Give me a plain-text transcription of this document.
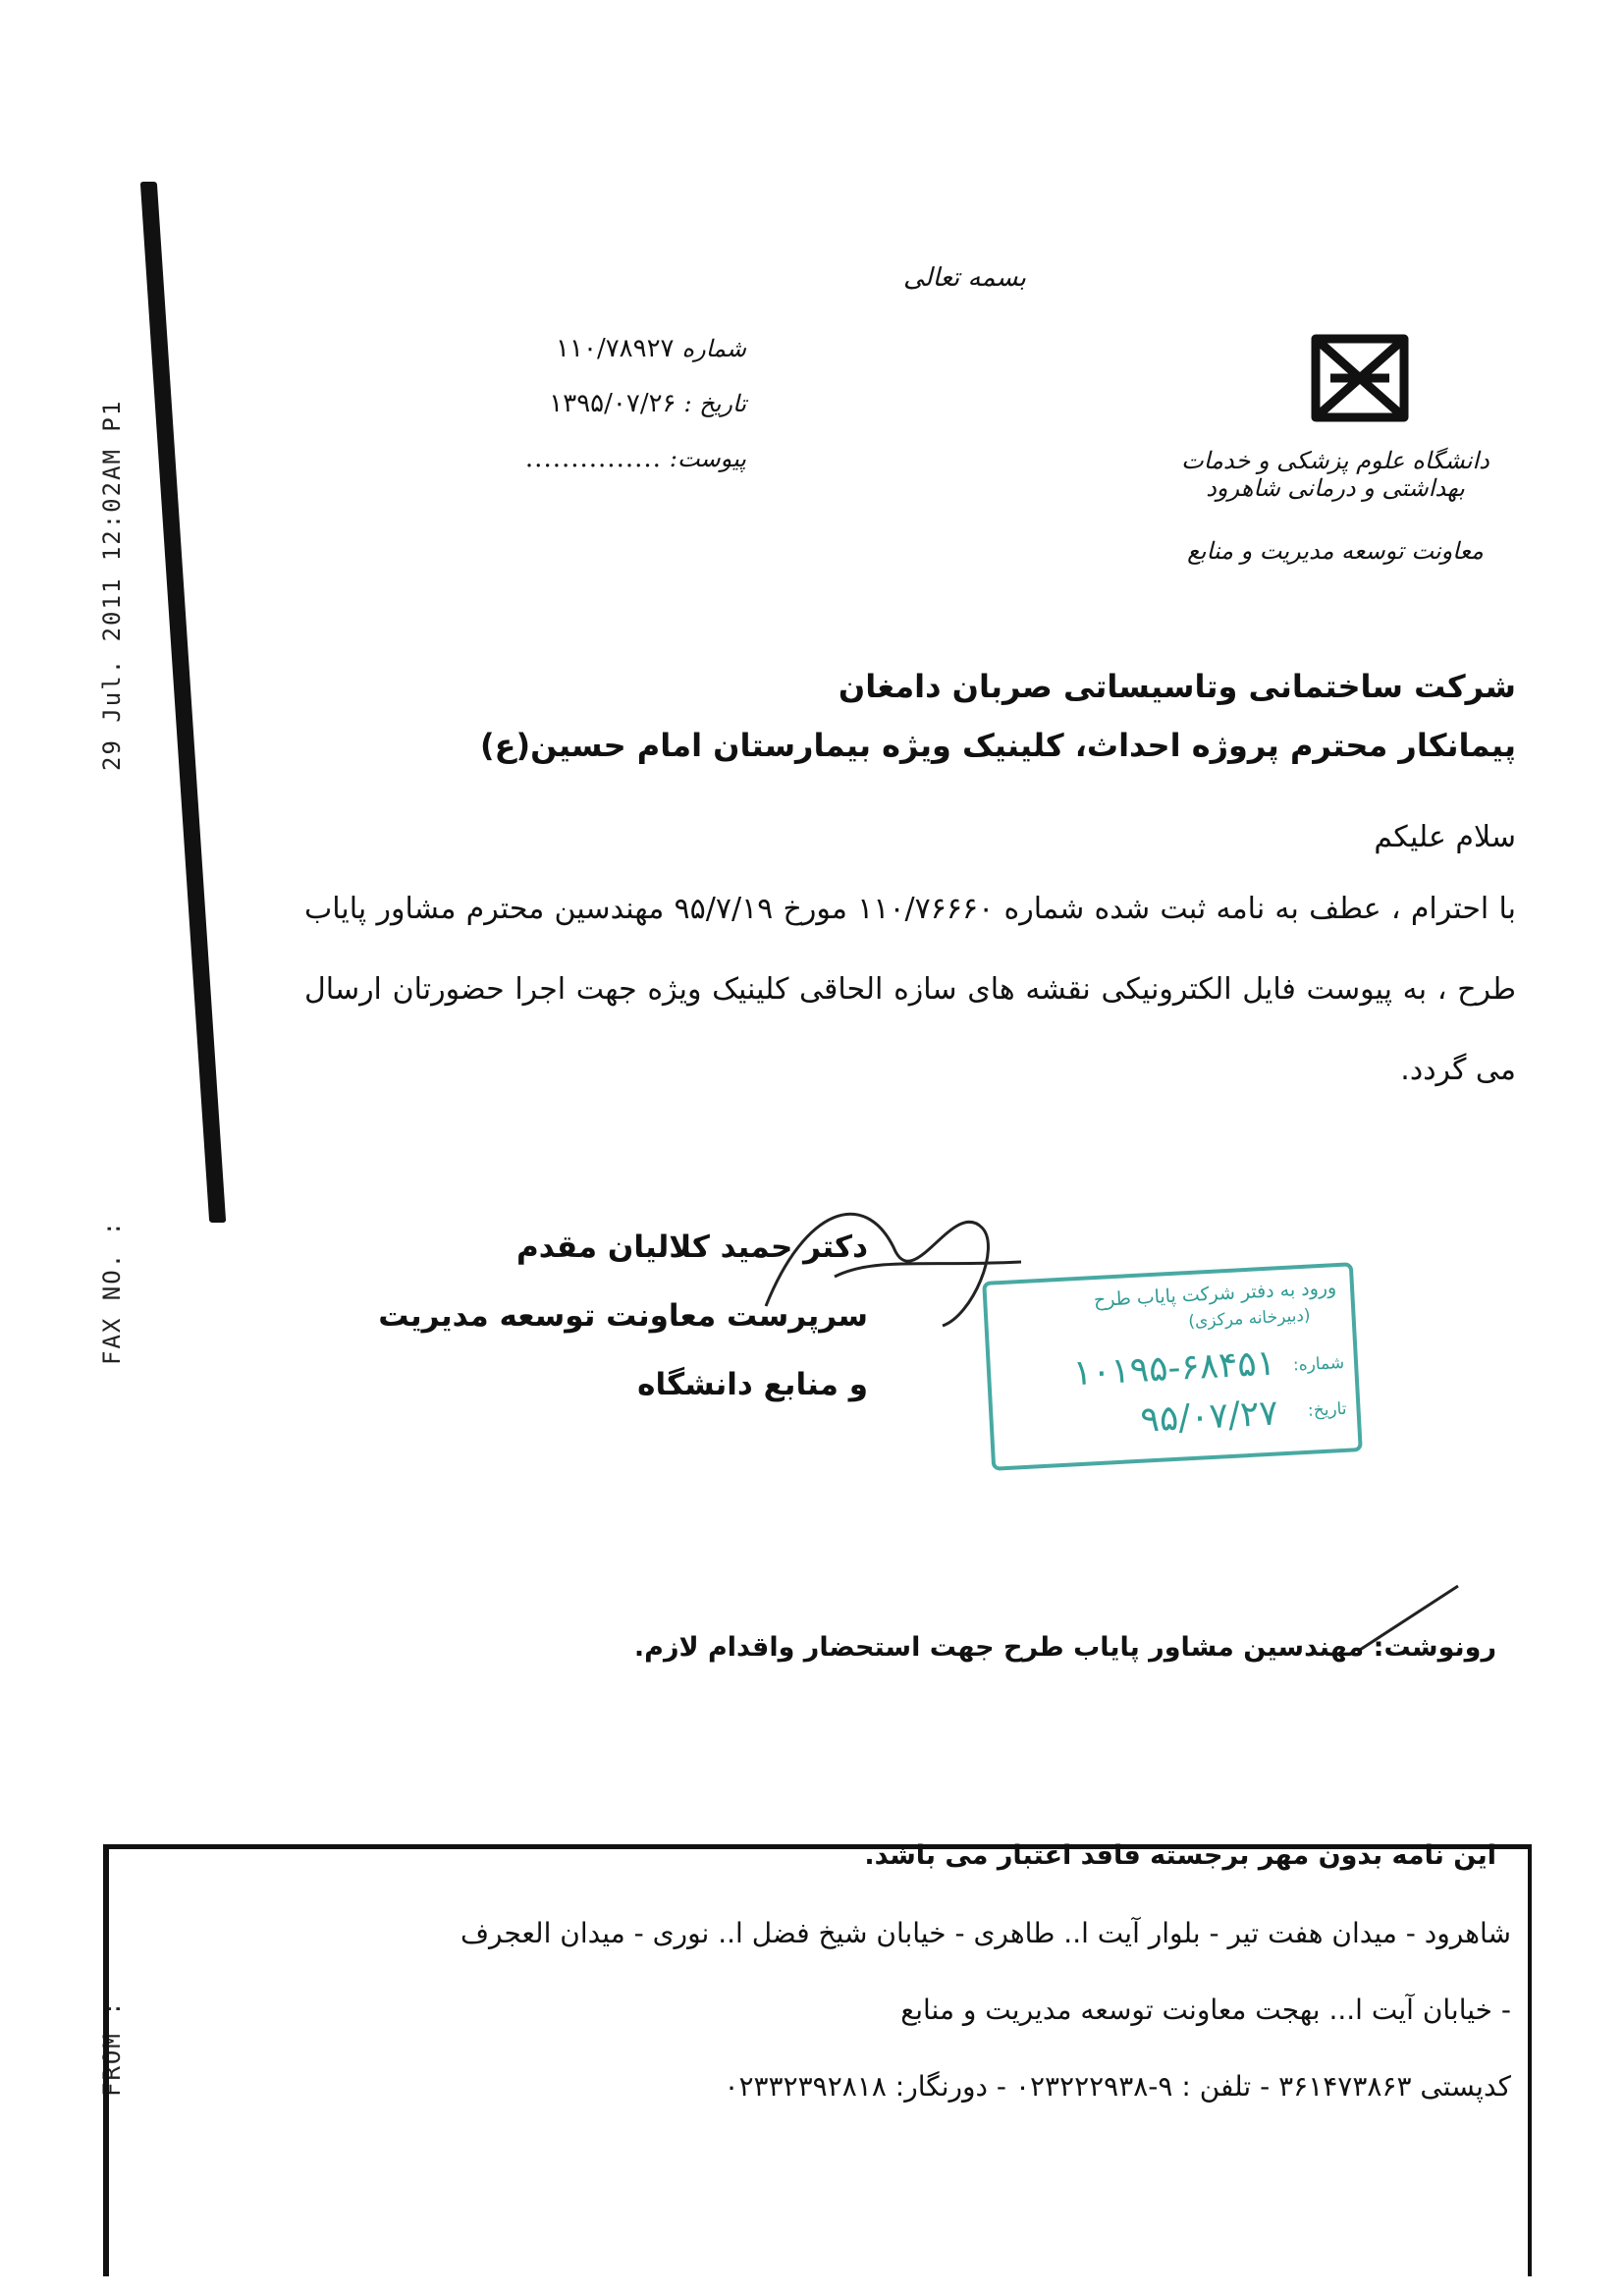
29 Jul. 2011 12:02AM P1
FAX NO. :
FROM :
بسمه تعالی
شماره
۱۱۰/۷۸۹۲۷
تاریخ :
۱۳۹۵/۰۷/۲۶
پیوست:
...............	دانشگاه علوم پزشکی و خدمات بهداشتی و درمانی شاهرود
معاونت توسعه مدیریت و منابع
شرکت ساختمانی وتاسیساتی صربان دامغان
پیمانکار محترم پروژه احداث، کلینیک ویژه بیمارستان امام حسین(ع)
سلام علیکم
با احترام ، عطف به نامه ثبت شده شماره ۱۱۰/۷۶۶۶۰ مورخ ۹۵/۷/۱۹ مهندسین محترم مشاور پایاب طرح ، به پیوست فایل الکترونیکی نقشه های سازه الحاقی کلینیک ویژه جهت اجرا حضورتان ارسال می گردد.
دکتر حمید کلالیان مقدم
سرپرست معاونت توسعه مدیریت
و منابع دانشگاه
ورود به دفتر شرکت پایاب طرح
(دبیرخانه مرکزی)
شماره:
۱۰۱۹۵-۶۸۴۵۱
تاریخ:
۹۵/۰۷/۲۷
رونوشت: مهندسین مشاور پایاب طرح جهت استحضار واقدام لازم.
این نامه بدون مهر برجسته فاقد اعتبار می باشد.
شاهرود - میدان هفت تیر - بلوار آیت ا.. طاهری - خیابان شیخ فضل ا.. نوری - میدان العجرف
- خیابان آیت ا... بهجت معاونت توسعه مدیریت و منابع
کدپستی ۳۶۱۴۷۳۸۶۳ - تلفن : ۹-۰۲۳۲۲۲۹۳۸ - دورنگار: ۰۲۳۳۲۳۹۲۸۱۸
